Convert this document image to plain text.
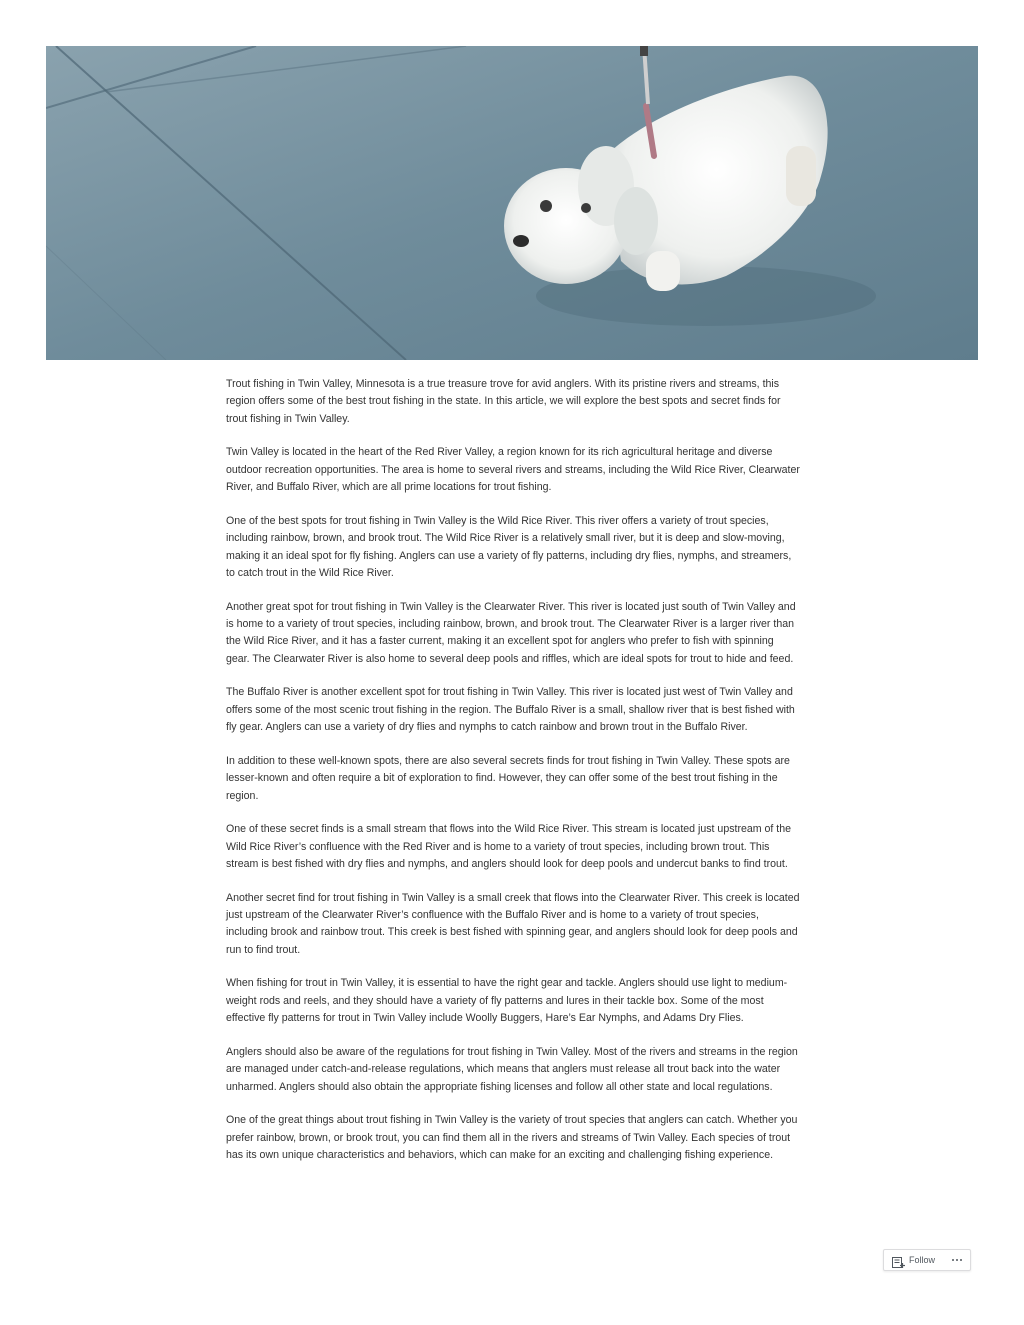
Trout fishing in Twin Valley, Minnesota is a true treasure trove for avid anglers. With its pristine rivers and streams, this region offers some of the best trout fishing in the state. In this article, we will explore the best spots and secret finds for trout fishing in Twin Valley.

Twin Valley is located in the heart of the Red River Valley, a region known for its rich agricultural heritage and diverse outdoor recreation opportunities. The area is home to several rivers and streams, including the Wild Rice River, Clearwater River, and Buffalo River, which are all prime locations for trout fishing.

One of the best spots for trout fishing in Twin Valley is the Wild Rice River. This river offers a variety of trout species, including rainbow, brown, and brook trout. The Wild Rice River is a relatively small river, but it is deep and slow-moving, making it an ideal spot for fly fishing. Anglers can use a variety of fly patterns, including dry flies, nymphs, and streamers, to catch trout in the Wild Rice River.

Another great spot for trout fishing in Twin Valley is the Clearwater River. This river is located just south of Twin Valley and is home to a variety of trout species, including rainbow, brown, and brook trout. The Clearwater River is a larger river than the Wild Rice River, and it has a faster current, making it an excellent spot for anglers who prefer to fish with spinning gear. The Clearwater River is also home to several deep pools and riffles, which are ideal spots for trout to hide and feed.

The Buffalo River is another excellent spot for trout fishing in Twin Valley. This river is located just west of Twin Valley and offers some of the most scenic trout fishing in the region. The Buffalo River is a small, shallow river that is best fished with fly gear. Anglers can use a variety of dry flies and nymphs to catch rainbow and brown trout in the Buffalo River.

In addition to these well-known spots, there are also several secrets finds for trout fishing in Twin Valley. These spots are lesser-known and often require a bit of exploration to find. However, they can offer some of the best trout fishing in the region.

One of these secret finds is a small stream that flows into the Wild Rice River. This stream is located just upstream of the Wild Rice River’s confluence with the Red River and is home to a variety of trout species, including brown trout. This stream is best fished with dry flies and nymphs, and anglers should look for deep pools and undercut banks to find trout.

Another secret find for trout fishing in Twin Valley is a small creek that flows into the Clearwater River. This creek is located just upstream of the Clearwater River’s confluence with the Buffalo River and is home to a variety of trout species, including brook and rainbow trout. This creek is best fished with spinning gear, and anglers should look for deep pools and run to find trout.

When fishing for trout in Twin Valley, it is essential to have the right gear and tackle. Anglers should use light to medium-weight rods and reels, and they should have a variety of fly patterns and lures in their tackle box. Some of the most effective fly patterns for trout in Twin Valley include Woolly Buggers, Hare’s Ear Nymphs, and Adams Dry Flies.

Anglers should also be aware of the regulations for trout fishing in Twin Valley. Most of the rivers and streams in the region are managed under catch-and-release regulations, which means that anglers must release all trout back into the water unharmed. Anglers should also obtain the appropriate fishing licenses and follow all other state and local regulations.

One of the great things about trout fishing in Twin Valley is the variety of trout species that anglers can catch. Whether you prefer rainbow, brown, or brook trout, you can find them all in the rivers and streams of Twin Valley. Each species of trout has its own unique characteristics and behaviors, which can make for an exciting and challenging fishing experience.

Follow
